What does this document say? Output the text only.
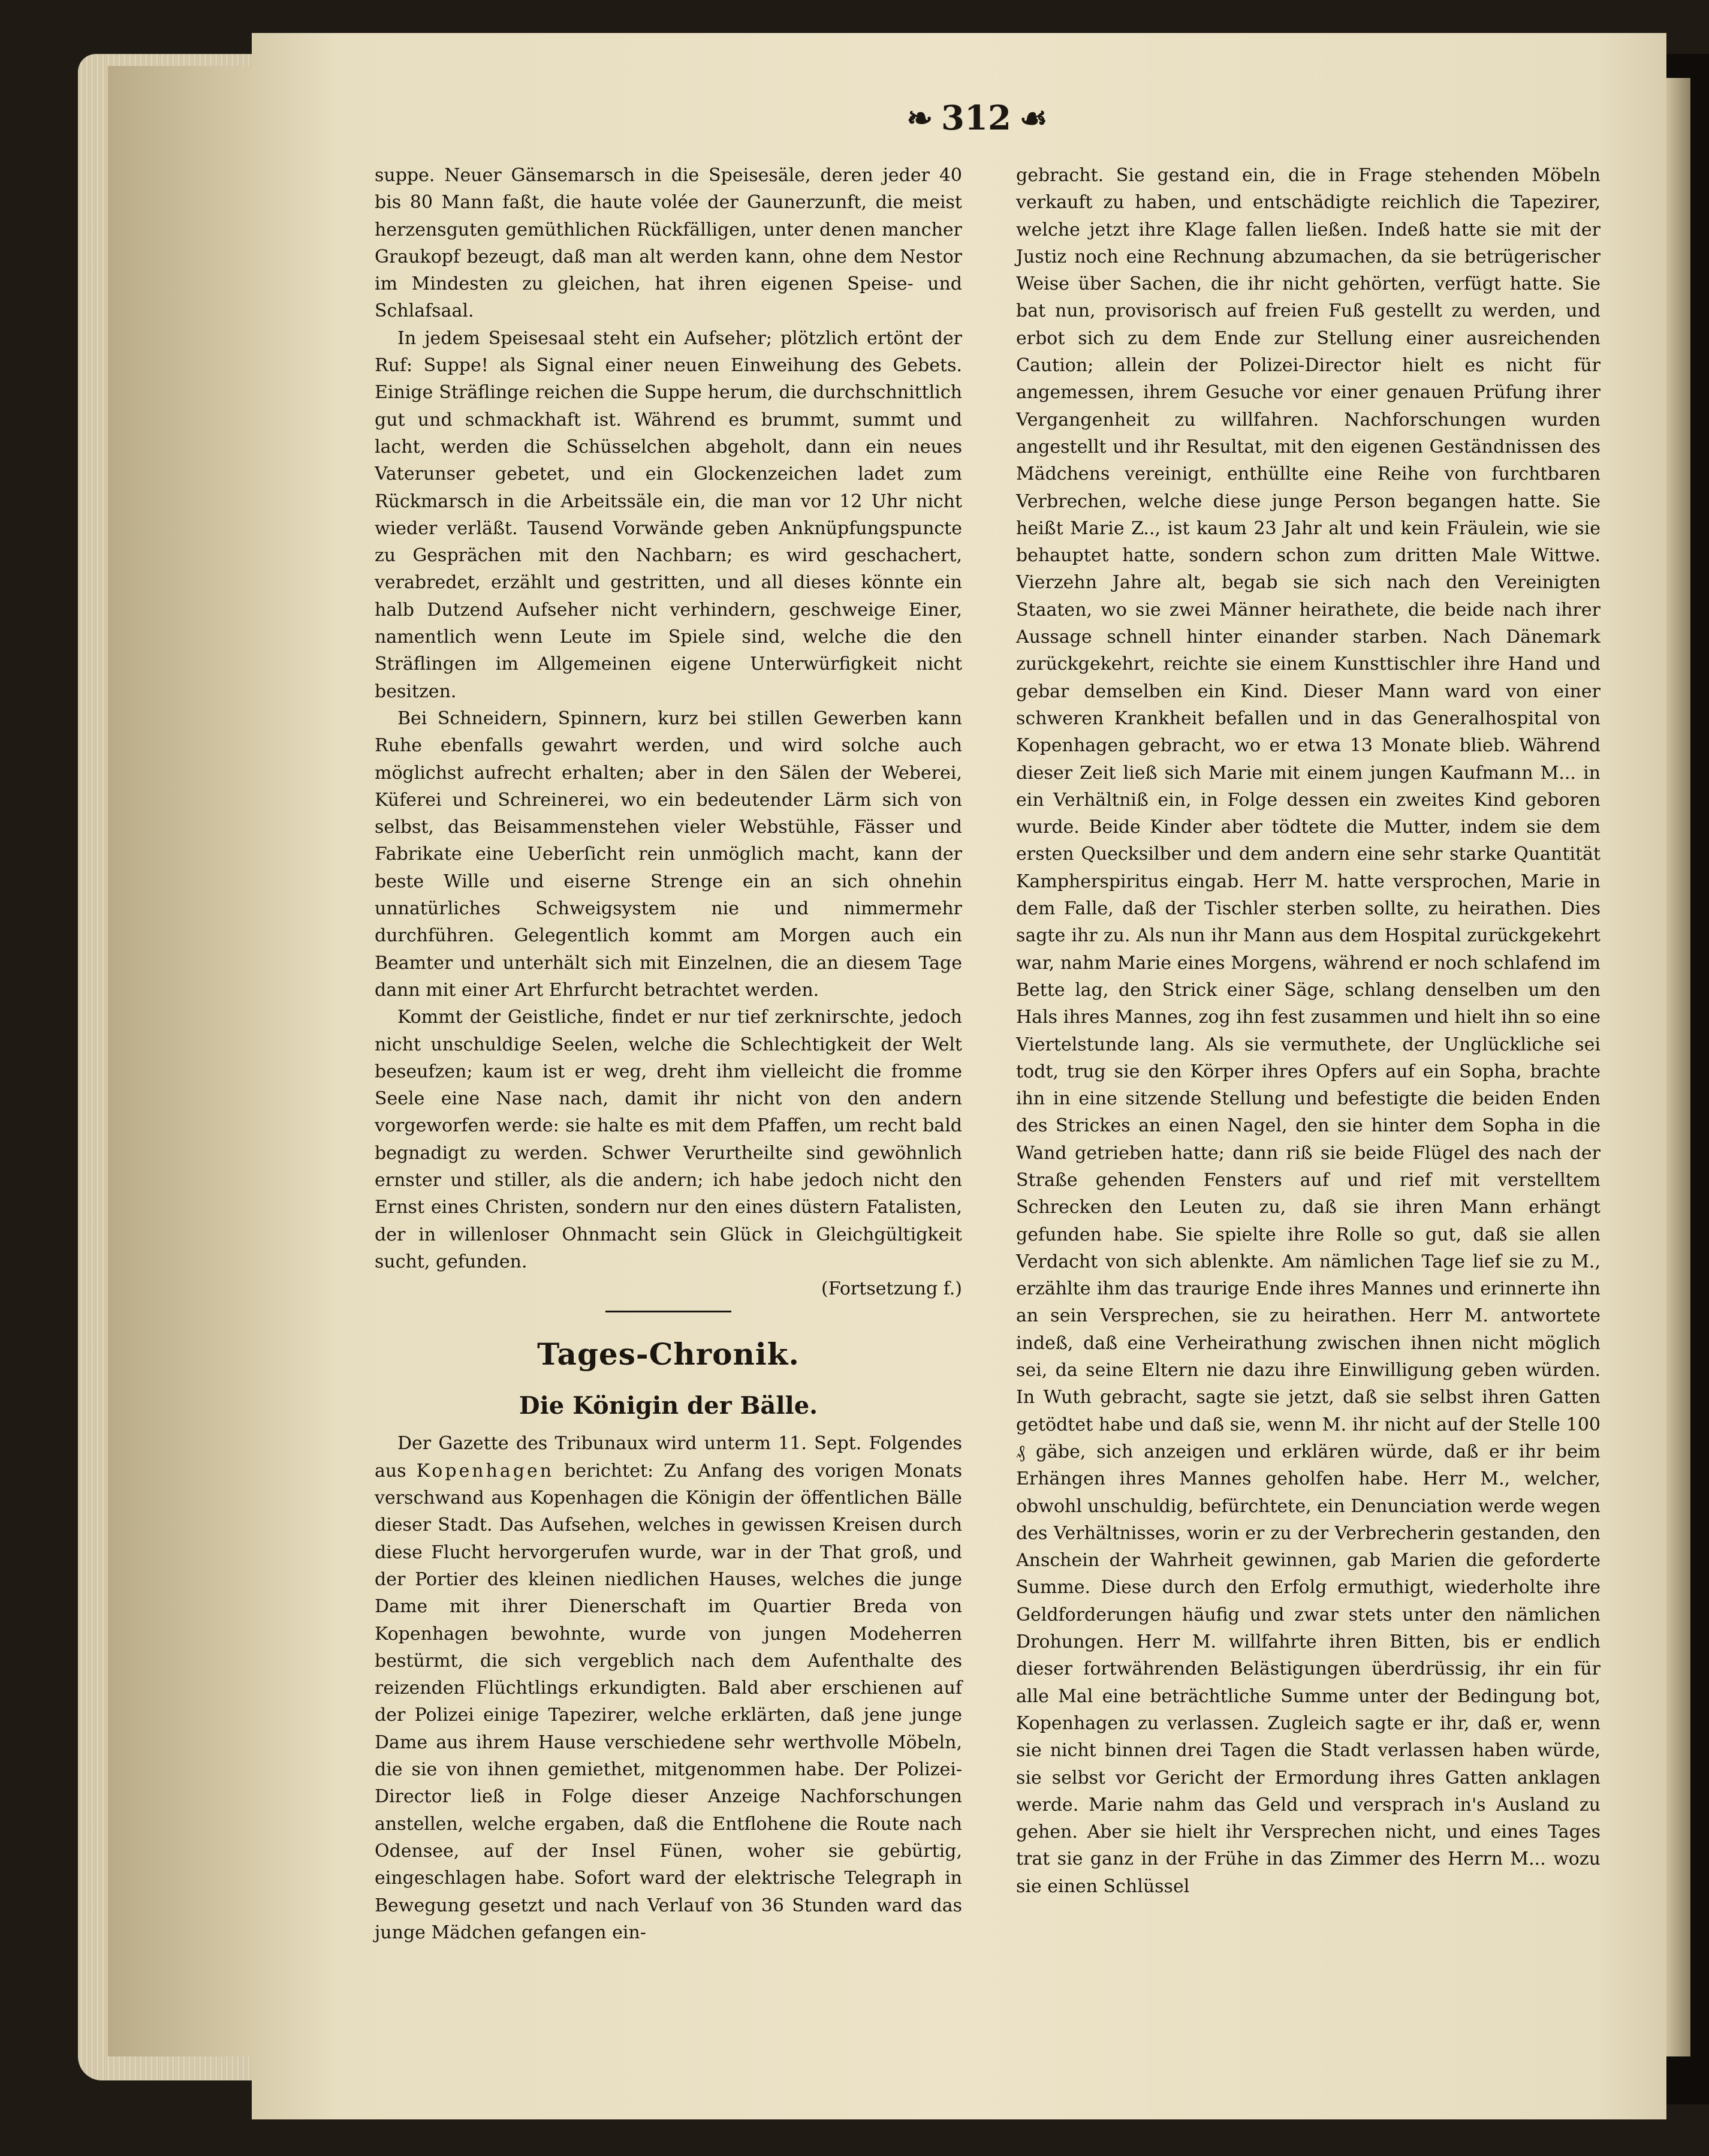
❧ 312 ☙

suppe. Neuer Gänsemarsch in die Speisesäle, deren jeder 40 bis 80 Mann faßt, die haute volée der Gaunerzunft, die meist herzensguten gemüthlichen Rückfälligen, unter denen mancher Graukopf bezeugt, daß man alt werden kann, ohne dem Nestor im Mindesten zu gleichen, hat ihren eigenen Speise- und Schlafsaal.

In jedem Speisesaal steht ein Aufseher; plötzlich ertönt der Ruf: Suppe! als Signal einer neuen Einweihung des Gebets. Einige Sträflinge reichen die Suppe herum, die durchschnittlich gut und schmackhaft ist. Während es brummt, summt und lacht, werden die Schüsselchen abgeholt, dann ein neues Vaterunser gebetet, und ein Glockenzeichen ladet zum Rückmarsch in die Arbeitssäle ein, die man vor 12 Uhr nicht wieder verläßt. Tausend Vorwände geben Anknüpfungspuncte zu Gesprächen mit den Nachbarn; es wird geschachert, verabredet, erzählt und gestritten, und all dieses könnte ein halb Dutzend Aufseher nicht verhindern, geschweige Einer, namentlich wenn Leute im Spiele sind, welche die den Sträflingen im Allgemeinen eigene Unterwürfigkeit nicht besitzen.

Bei Schneidern, Spinnern, kurz bei stillen Gewerben kann Ruhe ebenfalls gewahrt werden, und wird solche auch möglichst aufrecht erhalten; aber in den Sälen der Weberei, Küferei und Schreinerei, wo ein bedeutender Lärm sich von selbst, das Beisammenstehen vieler Webstühle, Fässer und Fabrikate eine Ueberſicht rein unmöglich macht, kann der beste Wille und eiserne Strenge ein an sich ohnehin unnatürliches Schweigsystem nie und nimmermehr durchführen. Gelegentlich kommt am Morgen auch ein Beamter und unterhält sich mit Einzelnen, die an diesem Tage dann mit einer Art Ehrfurcht betrachtet werden.

Kommt der Geistliche, findet er nur tief zerknirschte, jedoch nicht unschuldige Seelen, welche die Schlechtigkeit der Welt beseufzen; kaum ist er weg, dreht ihm vielleicht die fromme Seele eine Nase nach, damit ihr nicht von den andern vorgeworfen werde: sie halte es mit dem Pfaffen, um recht bald begnadigt zu werden. Schwer Verurtheilte sind gewöhnlich ernster und stiller, als die andern; ich habe jedoch nicht den Ernst eines Christen, sondern nur den eines düstern Fatalisten, der in willenloser Ohnmacht sein Glück in Gleichgültigkeit sucht, gefunden.

(Fortsetzung f.)

Tages-Chronik.
Die Königin der Bälle.

Der Gazette des Tribunaux wird unterm 11. Sept. Folgendes aus Kopenhagen berichtet: Zu Anfang des vorigen Monats verschwand aus Kopenhagen die Königin der öffentlichen Bälle dieser Stadt. Das Aufsehen, welches in gewissen Kreisen durch diese Flucht hervorgerufen wurde, war in der That groß, und der Portier des kleinen niedlichen Hauses, welches die junge Dame mit ihrer Dienerschaft im Quartier Breda von Kopenhagen bewohnte, wurde von jungen Modeherren bestürmt, die sich vergeblich nach dem Aufenthalte des reizenden Flüchtlings erkundigten. Bald aber erschienen auf der Polizei einige Tapezirer, welche erklärten, daß jene junge Dame aus ihrem Hause verschiedene sehr werthvolle Möbeln, die sie von ihnen gemiethet, mitgenommen habe. Der Polizei-Director ließ in Folge dieser Anzeige Nachforschungen anstellen, welche ergaben, daß die Entflohene die Route nach Odensee, auf der Insel Fünen, woher sie gebürtig, eingeschlagen habe. Sofort ward der elektrische Telegraph in Bewegung gesetzt und nach Verlauf von 36 Stunden ward das junge Mädchen gefangen ein-

gebracht. Sie gestand ein, die in Frage stehenden Möbeln verkauft zu haben, und entschädigte reichlich die Tapezirer, welche jetzt ihre Klage fallen ließen. Indeß hatte sie mit der Justiz noch eine Rechnung abzumachen, da sie betrügerischer Weise über Sachen, die ihr nicht gehörten, verfügt hatte. Sie bat nun, provisorisch auf freien Fuß gestellt zu werden, und erbot sich zu dem Ende zur Stellung einer ausreichenden Caution; allein der Polizei-Director hielt es nicht für angemessen, ihrem Gesuche vor einer genauen Prüfung ihrer Vergangenheit zu willfahren. Nachforschungen wurden angestellt und ihr Resultat, mit den eigenen Geständnissen des Mädchens vereinigt, enthüllte eine Reihe von furchtbaren Verbrechen, welche diese junge Person begangen hatte. Sie heißt Marie Z.., ist kaum 23 Jahr alt und kein Fräulein, wie sie behauptet hatte, sondern schon zum dritten Male Wittwe. Vierzehn Jahre alt, begab sie sich nach den Vereinigten Staaten, wo sie zwei Männer heirathete, die beide nach ihrer Aussage schnell hinter einander starben. Nach Dänemark zurückgekehrt, reichte sie einem Kunsttischler ihre Hand und gebar demselben ein Kind. Dieser Mann ward von einer schweren Krankheit befallen und in das Generalhospital von Kopenhagen gebracht, wo er etwa 13 Monate blieb. Während dieser Zeit ließ sich Marie mit einem jungen Kaufmann M... in ein Verhältniß ein, in Folge dessen ein zweites Kind geboren wurde. Beide Kinder aber tödtete die Mutter, indem sie dem ersten Quecksilber und dem andern eine sehr starke Quantität Kampherspiritus eingab. Herr M. hatte versprochen, Marie in dem Falle, daß der Tischler sterben sollte, zu heirathen. Dies sagte ihr zu. Als nun ihr Mann aus dem Hospital zurückgekehrt war, nahm Marie eines Morgens, während er noch schlafend im Bette lag, den Strick einer Säge, schlang denselben um den Hals ihres Mannes, zog ihn fest zusammen und hielt ihn so eine Viertelstunde lang. Als sie vermuthete, der Unglückliche sei todt, trug sie den Körper ihres Opfers auf ein Sopha, brachte ihn in eine sitzende Stellung und befestigte die beiden Enden des Strickes an einen Nagel, den sie hinter dem Sopha in die Wand getrieben hatte; dann riß sie beide Flügel des nach der Straße gehenden Fensters auf und rief mit verstelltem Schrecken den Leuten zu, daß sie ihren Mann erhängt gefunden habe. Sie spielte ihre Rolle so gut, daß sie allen Verdacht von sich ablenkte. Am nämlichen Tage lief sie zu M., erzählte ihm das traurige Ende ihres Mannes und erinnerte ihn an sein Versprechen, sie zu heirathen. Herr M. antwortete indeß, daß eine Verheirathung zwischen ihnen nicht möglich sei, da seine Eltern nie dazu ihre Einwilligung geben würden. In Wuth gebracht, sagte sie jetzt, daß sie selbst ihren Gatten getödtet habe und daß sie, wenn M. ihr nicht auf der Stelle 100 ₰ gäbe, sich anzeigen und erklären würde, daß er ihr beim Erhängen ihres Mannes geholfen habe. Herr M., welcher, obwohl unschuldig, befürchtete, ein Denunciation werde wegen des Verhältnisses, worin er zu der Verbrecherin gestanden, den Anschein der Wahrheit gewinnen, gab Marien die geforderte Summe. Diese durch den Erfolg ermuthigt, wiederholte ihre Geldforderungen häufig und zwar stets unter den nämlichen Drohungen. Herr M. willfahrte ihren Bitten, bis er endlich dieser fortwährenden Belästigungen überdrüssig, ihr ein für alle Mal eine beträchtliche Summe unter der Bedingung bot, Kopenhagen zu verlassen. Zugleich sagte er ihr, daß er, wenn sie nicht binnen drei Tagen die Stadt verlassen haben würde, sie selbst vor Gericht der Ermordung ihres Gatten anklagen werde. Marie nahm das Geld und versprach in's Ausland zu gehen. Aber sie hielt ihr Versprechen nicht, und eines Tages trat sie ganz in der Frühe in das Zimmer des Herrn M... wozu sie einen Schlüssel
